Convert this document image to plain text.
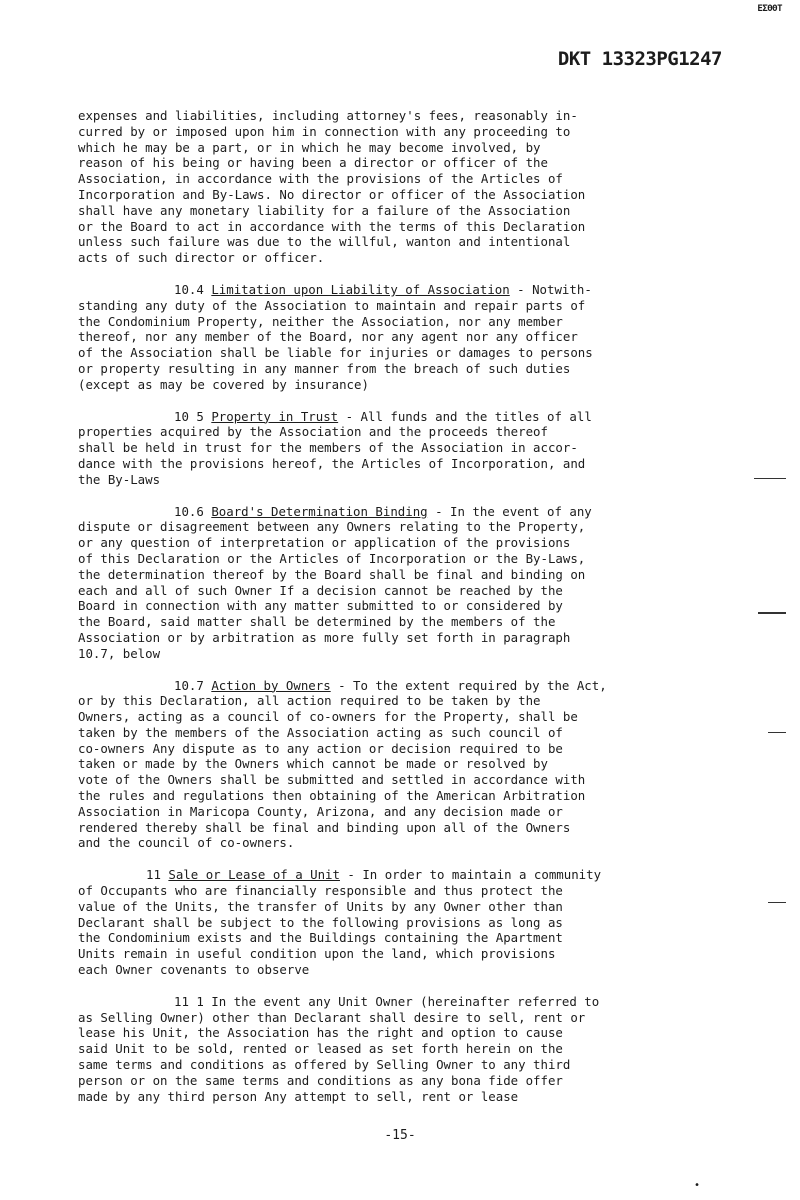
ΕΣΘΘΤ
DKT 13323PG1247

expenses and liabilities, including attorney's fees, reasonably in-
curred by or imposed upon him in connection with any proceeding to
which he may be a part, or in which he may become involved, by
reason of his being or having been a director or officer of the
Association, in accordance with the provisions of the Articles of
Incorporation and By-Laws. No director or officer of the Association
shall have any monetary liability for a failure of the Association
or the Board to act in accordance with the terms of this Declaration
unless such failure was due to the willful, wanton and intentional
acts of such director or officer.

10.4 Limitation upon Liability of Association - Notwith-
standing any duty of the Association to maintain and repair parts of
the Condominium Property, neither the Association, nor any member
thereof, nor any member of the Board, nor any agent nor any officer
of the Association shall be liable for injuries or damages to persons
or property resulting in any manner from the breach of such duties
(except as may be covered by insurance)

10 5 Property in Trust - All funds and the titles of all
properties acquired by the Association and the proceeds thereof
shall be held in trust for the members of the Association in accor-
dance with the provisions hereof, the Articles of Incorporation, and
the By-Laws

10.6 Board's Determination Binding - In the event of any
dispute or disagreement between any Owners relating to the Property,
or any question of interpretation or application of the provisions
of this Declaration or the Articles of Incorporation or the By-Laws,
the determination thereof by the Board shall be final and binding on
each and all of such Owner If a decision cannot be reached by the
Board in connection with any matter submitted to or considered by
the Board, said matter shall be determined by the members of the
Association or by arbitration as more fully set forth in paragraph
10.7, below

10.7 Action by Owners - To the extent required by the Act,
or by this Declaration, all action required to be taken by the
Owners, acting as a council of co-owners for the Property, shall be
taken by the members of the Association acting as such council of
co-owners Any dispute as to any action or decision required to be
taken or made by the Owners which cannot be made or resolved by
vote of the Owners shall be submitted and settled in accordance with
the rules and regulations then obtaining of the American Arbitration
Association in Maricopa County, Arizona, and any decision made or
rendered thereby shall be final and binding upon all of the Owners
and the council of co-owners.

11 Sale or Lease of a Unit - In order to maintain a community
of Occupants who are financially responsible and thus protect the
value of the Units, the transfer of Units by any Owner other than
Declarant shall be subject to the following provisions as long as
the Condominium exists and the Buildings containing the Apartment
Units remain in useful condition upon the land, which provisions
each Owner covenants to observe

11 1 In the event any Unit Owner (hereinafter referred to
as Selling Owner) other than Declarant shall desire to sell, rent or
lease his Unit, the Association has the right and option to cause
said Unit to be sold, rented or leased as set forth herein on the
same terms and conditions as offered by Selling Owner to any third
person or on the same terms and conditions as any bona fide offer
made by any third person Any attempt to sell, rent or lease

-15-
•
